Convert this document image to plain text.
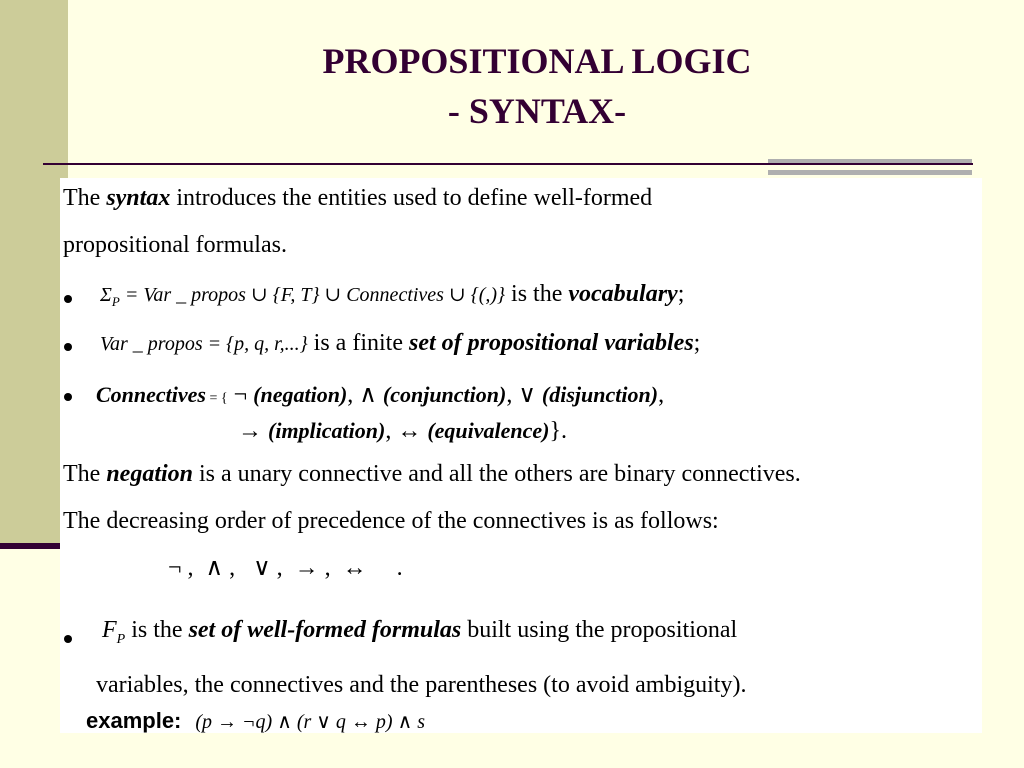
PROPOSITIONAL LOGIC
- SYNTAX-
The syntax introduces the entities used to define well-formed
propositional formulas.
$\Sigma_P$ = Var _ propos ∪ {F, T} ∪ Connectives ∪ {(,)} is the vocabulary;
Var _ propos = {p, q, r,...} is a finite set of propositional variables;
Connectives = { ¬ (negation), ∧ (conjunction), ∨ (disjunction),
→ (implication), ↔ (equivalence)}.
The negation is a unary connective and all the others are binary connectives.
The decreasing order of precedence of the connectives is as follows:
¬ ,  ∧ ,   ∨ ,  → ,  ↔     .
$F_P$ is the set of well-formed formulas built using the propositional
variables, the connectives and the parentheses (to avoid ambiguity).
example: (p → ¬q) ∧ (r ∨ q ↔ p) ∧ s
